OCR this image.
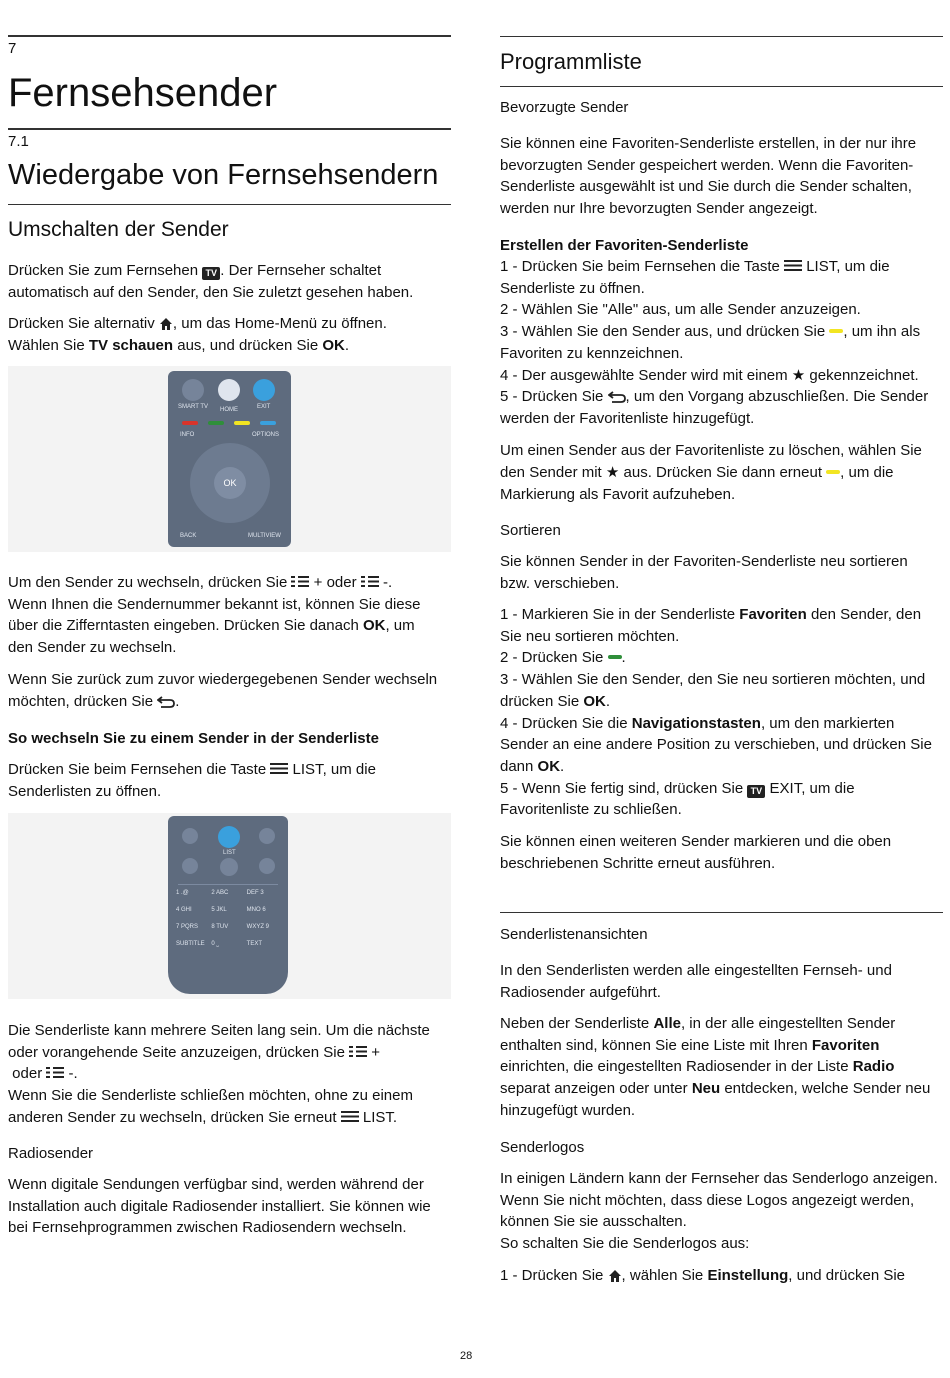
7
Fernsehsender
7.1
Wiedergabe von Fernsehsendern
Umschalten der Sender

Drücken Sie zum Fernsehen TV . Der Fernseher schaltet

automatisch auf den Sender, den Sie zuletzt gesehen haben.

Drücken Sie alternativ , um das Home-Menü zu öffnen.

Wählen Sie TV schauen aus, und drücken Sie OK.

SMART TV HOME	EXIT
INFO	OPTIONS
OK
BACK	MULTIVIEW

Um den Sender zu wechseln, drücken Sie  + oder  -.

Wenn Ihnen die Sendernummer bekannt ist, können Sie diese

über die Zifferntasten eingeben. Drücken Sie danach OK, um

den Sender zu wechseln.

Wenn Sie zurück zum zuvor wiedergegebenen Sender wechseln

möchten, drücken Sie .

So wechseln Sie zu einem Sender in der Senderliste

Drücken Sie beim Fernsehen die Taste  LIST, um die

Senderlisten zu öffnen.

LIST
1 .@	2 ABC	DEF 3
4 GHI	5 JKL	MNO 6
7 PQRS	8 TUV	WXYZ 9
SUBTITLE	0 ⎵	TEXT

Die Senderliste kann mehrere Seiten lang sein. Um die nächste

oder vorangehende Seite anzuzeigen, drücken Sie  +

oder  -.

Wenn Sie die Senderliste schließen möchten, ohne zu einem

anderen Sender zu wechseln, drücken Sie erneut  LIST.

Radiosender

Wenn digitale Sendungen verfügbar sind, werden während der

Installation auch digitale Radiosender installiert. Sie können wie

bei Fernsehprogrammen zwischen Radiosendern wechseln.

Programmliste

Bevorzugte Sender

Sie können eine Favoriten-Senderliste erstellen, in der nur ihre

bevorzugten Sender gespeichert werden. Wenn die Favoriten-

Senderliste ausgewählt ist und Sie durch die Sender schalten,

werden nur Ihre bevorzugten Sender angezeigt.

Erstellen der Favoriten-Senderliste

1 - Drücken Sie beim Fernsehen die Taste  LIST, um die

Senderliste zu öffnen.

2 - Wählen Sie "Alle" aus, um alle Sender anzuzeigen.

3 - Wählen Sie den Sender aus, und drücken Sie , um ihn als

Favoriten zu kennzeichnen.

4 - Der ausgewählte Sender wird mit einem ★ gekennzeichnet.

5 - Drücken Sie , um den Vorgang abzuschließen. Die Sender

werden der Favoritenliste hinzugefügt.

Um einen Sender aus der Favoritenliste zu löschen, wählen Sie

den Sender mit ★ aus. Drücken Sie dann erneut , um die

Markierung als Favorit aufzuheben.

Sortieren

Sie können Sender in der Favoriten-Senderliste neu sortieren

bzw. verschieben.

1 - Markieren Sie in der Senderliste Favoriten den Sender, den

Sie neu sortieren möchten.

2 - Drücken Sie .

3 - Wählen Sie den Sender, den Sie neu sortieren möchten, und

drücken Sie OK.

4 - Drücken Sie die Navigationstasten, um den markierten

Sender an eine andere Position zu verschieben, und drücken Sie

dann OK.

5 - Wenn Sie fertig sind, drücken Sie TV EXIT, um die

Favoritenliste zu schließen.

Sie können einen weiteren Sender markieren und die oben

beschriebenen Schritte erneut ausführen.

Senderlistenansichten

In den Senderlisten werden alle eingestellten Fernseh- und

Radiosender aufgeführt.

Neben der Senderliste Alle, in der alle eingestellten Sender

enthalten sind, können Sie eine Liste mit Ihren Favoriten

einrichten, die eingestellten Radiosender in der Liste Radio

separat anzeigen oder unter Neu entdecken, welche Sender neu

hinzugefügt wurden.

Senderlogos

In einigen Ländern kann der Fernseher das Senderlogo anzeigen.

Wenn Sie nicht möchten, dass diese Logos angezeigt werden,

können Sie sie ausschalten.

So schalten Sie die Senderlogos aus:

1 - Drücken Sie , wählen Sie Einstellung, und drücken Sie

28
